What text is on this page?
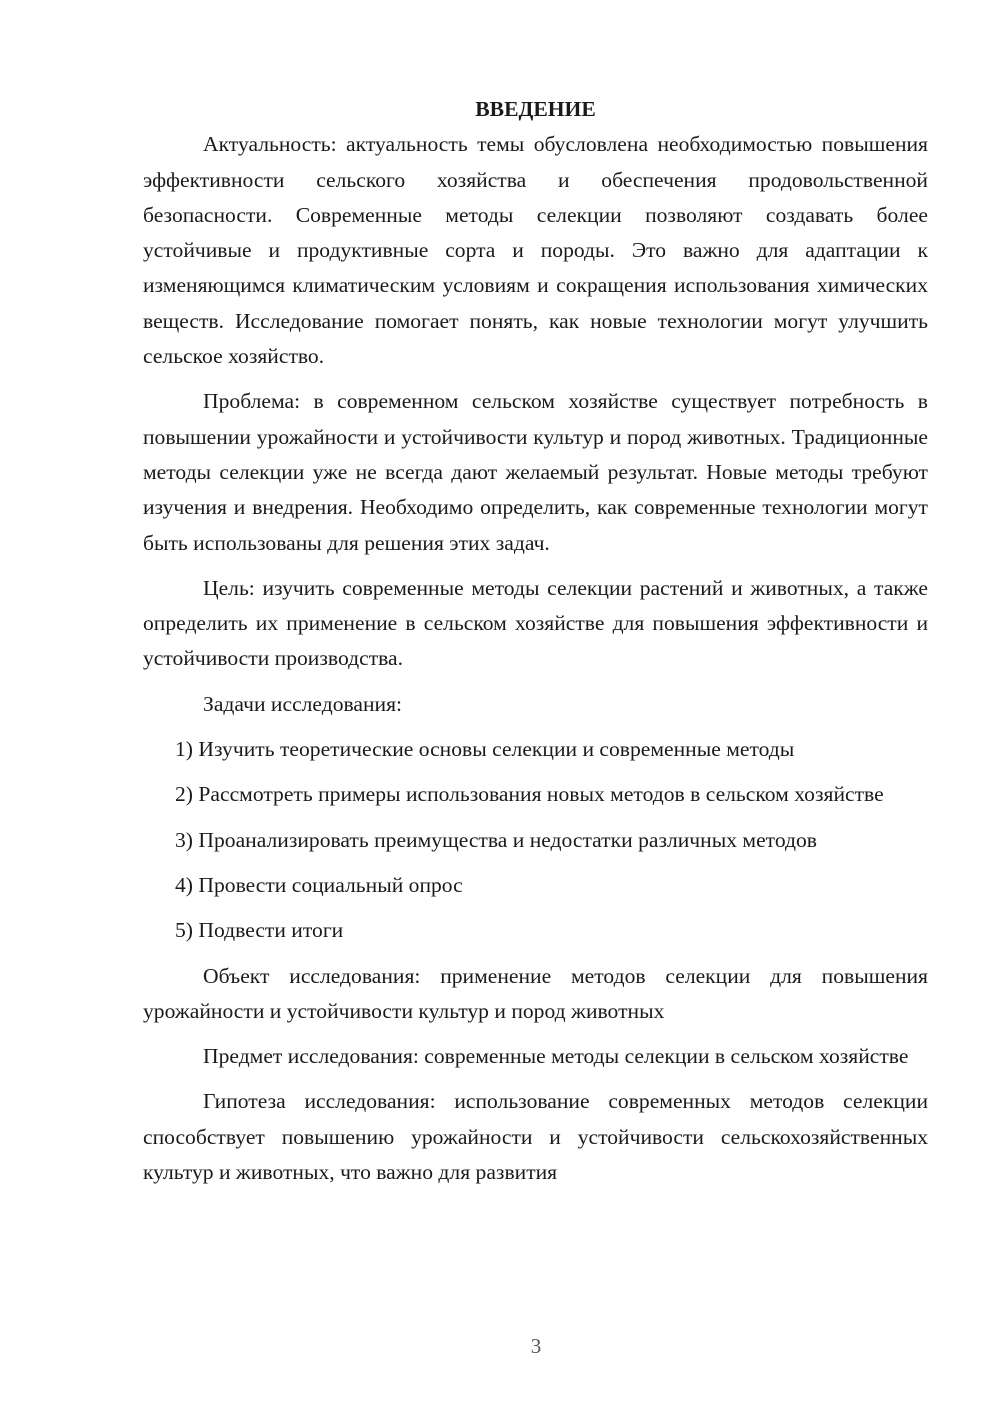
ВВЕДЕНИЕ

Актуальность: актуальность темы обусловлена необходимостью повышения эффективности сельского хозяйства и обеспечения продовольственной безопасности. Современные методы селекции позволяют создавать более устойчивые и продуктивные сорта и породы. Это важно для адаптации к изменяющимся климатическим условиям и сокращения использования химических веществ. Исследование помогает понять, как новые технологии могут улучшить сельское хозяйство.

Проблема: в современном сельском хозяйстве существует потребность в повышении урожайности и устойчивости культур и пород животных. Традиционные методы селекции уже не всегда дают желаемый результат. Новые методы требуют изучения и внедрения. Необходимо определить, как современные технологии могут быть использованы для решения этих задач.

Цель: изучить современные методы селекции растений и животных, а также определить их применение в сельском хозяйстве для повышения эффективности и устойчивости производства.

Задачи исследования:

1) Изучить теоретические основы селекции и современные методы

2) Рассмотреть примеры использования новых методов в сельском хозяйстве

3) Проанализировать преимущества и недостатки различных методов

4) Провести социальный опрос

5) Подвести итоги

Объект исследования: применение методов селекции для повышения урожайности и устойчивости культур и пород животных

Предмет исследования: современные методы селекции в сельском хозяйстве

Гипотеза исследования: использование современных методов селекции способствует повышению урожайности и устойчивости сельскохозяйственных культур и животных, что важно для развития

3
